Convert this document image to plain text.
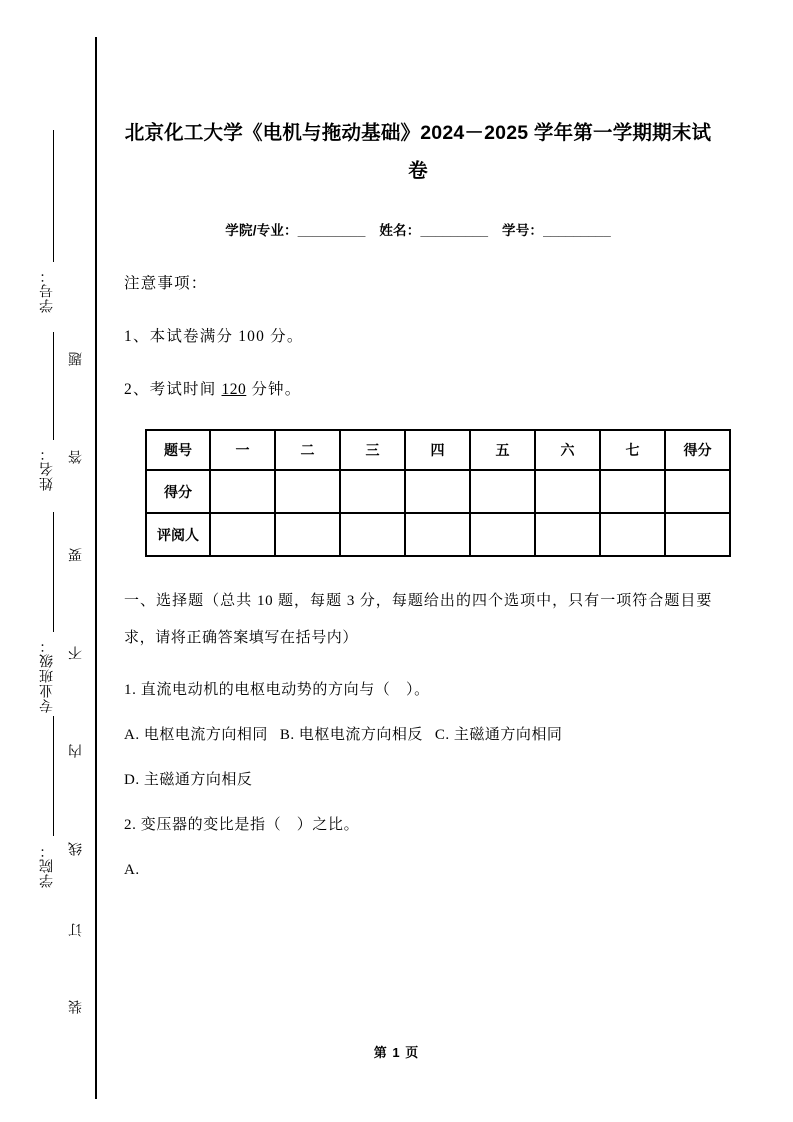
学号：
姓名：
专业班级：
学院：
题
答
要
不
内
线
订
装
北京化工大学《电机与拖动基础》2024－2025 学年第一学期期末试卷
学院/专业：_________ 姓名：_________ 学号：_________

注意事项：

1、本试卷满分 100 分。

2、考试时间 120 分钟。

题号	一	二	三	四	五	六	七	得分
得分								
评阅人								

一、选择题（总共 10 题，每题 3 分，每题给出的四个选项中，只有一项符合题目要求，请将正确答案填写在括号内）

1. 直流电动机的电枢电动势的方向与（　）。

A. 电枢电流方向相同 B. 电枢电流方向相反 C. 主磁通方向相同

D. 主磁通方向相反

2. 变压器的变比是指（　）之比。

A.

第 1 页
